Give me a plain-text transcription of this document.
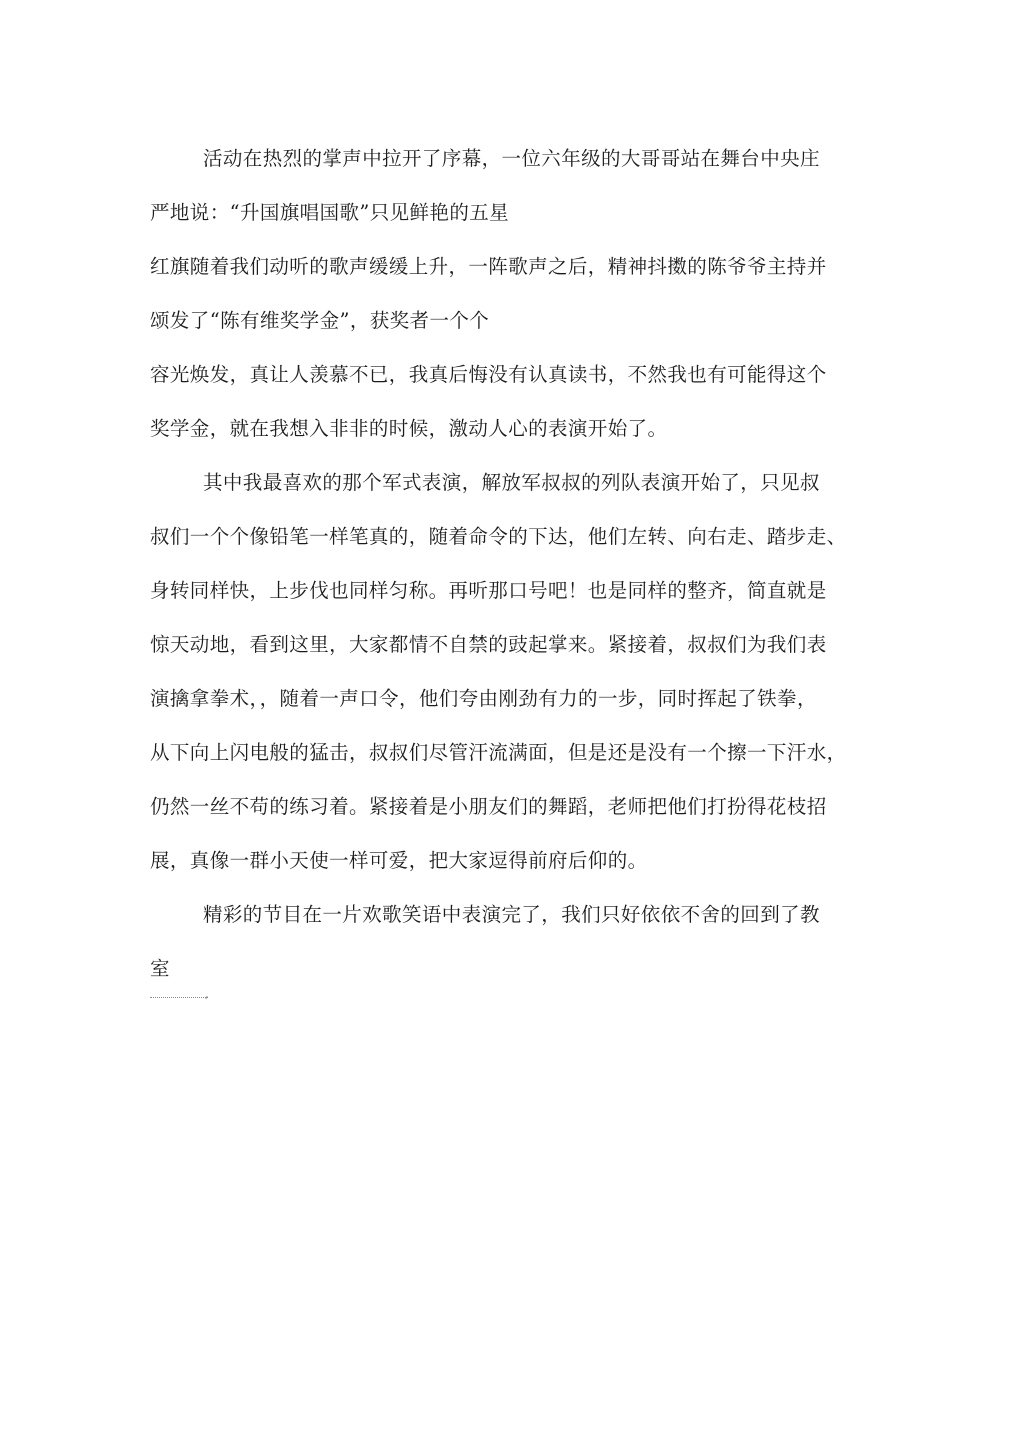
活动在热烈的掌声中拉开了序幕，一位六年级的大哥哥站在舞台中央庄

严地说：“升国旗唱国歌”只见鲜艳的五星

红旗随着我们动听的歌声缓缓上升，一阵歌声之后，精神抖擞的陈爷爷主持并

颂发了“陈有维奖学金”，获奖者一个个

容光焕发，真让人羡慕不已，我真后悔没有认真读书，不然我也有可能得这个

奖学金，就在我想入非非的时候，激动人心的表演开始了。

其中我最喜欢的那个军式表演，解放军叔叔的列队表演开始了，只见叔

叔们一个个像铅笔一样笔真的，随着命令的下达，他们左转、向右走、踏步走、

身转同样快，上步伐也同样匀称。再听那口号吧！也是同样的整齐，简直就是

惊天动地，看到这里，大家都情不自禁的豉起掌来。紧接着，叔叔们为我们表

演擒拿拳术，，随着一声口令，他们夸由刚劲有力的一步，同时挥起了铁拳，

从下向上闪电般的猛击，叔叔们尽管汗流满面，但是还是没有一个擦一下汗水，

仍然一丝不苟的练习着。紧接着是小朋友们的舞蹈，老师把他们打扮得花枝招

展，真像一群小天使一样可爱，把大家逗得前府后仰的。

精彩的节目在一片欢歌笑语中表演完了，我们只好依依不舍的回到了教

室
